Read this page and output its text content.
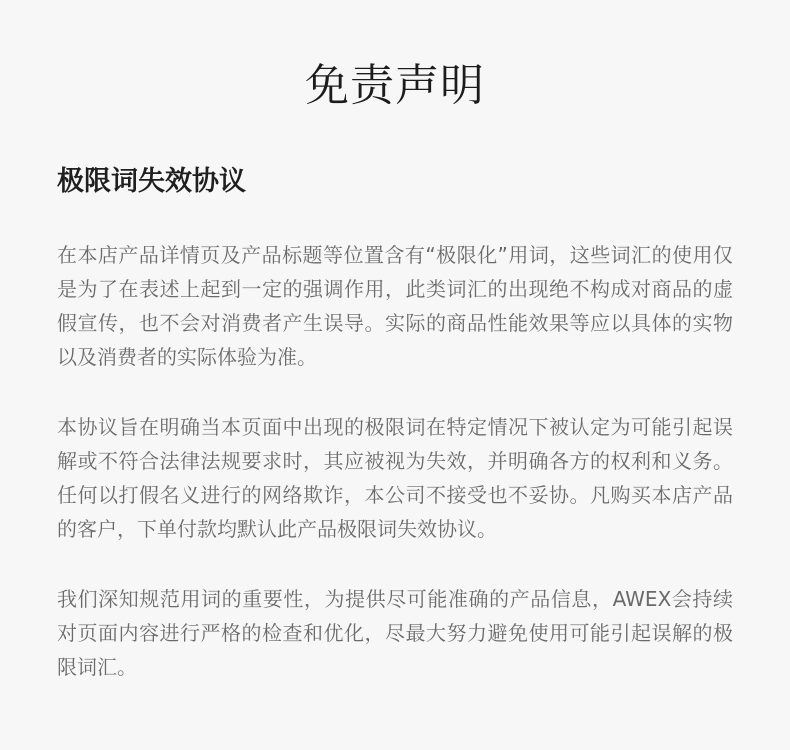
免责声明
极限词失效协议

在本店产品详情页及产品标题等位置含有“极限化”用词，这些词汇的使用仅是为了在表述上起到一定的强调作用，此类词汇的出现绝不构成对商品的虚假宣传，也不会对消费者产生误导。实际的商品性能效果等应以具体的实物以及消费者的实际体验为准。

本协议旨在明确当本页面中出现的极限词在特定情况下被认定为可能引起误解或不符合法律法规要求时，其应被视为失效，并明确各方的权利和义务。任何以打假名义进行的网络欺诈，本公司不接受也不妥协。凡购买本店产品的客户，下单付款均默认此产品极限词失效协议。

我们深知规范用词的重要性，为提供尽可能准确的产品信息，AWEX会持续对页面内容进行严格的检查和优化，尽最大努力避免使用可能引起误解的极限词汇。
